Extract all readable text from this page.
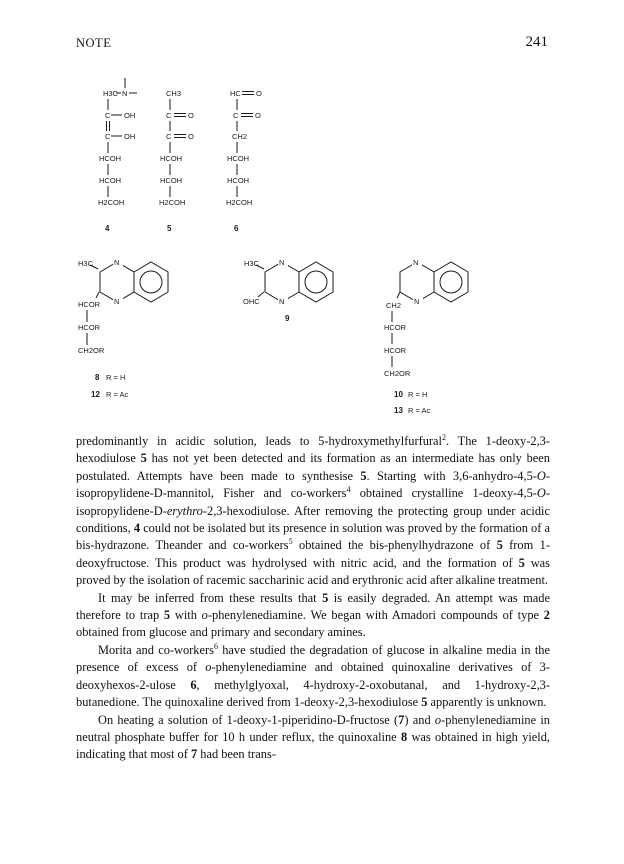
NOTE	241
H3C N
C OH
C OH
HCOH
HCOH
H2COH
4
CH3
C O
C O
HCOH
HCOH
H2COH
5
HC O
C O
CH2
HCOH
HCOH
H2COH
6
H3C	N
N
HCOR
HCOR
CH2OR
8 R = H
12 R = Ac
H3C	N
OHC	N
9
N
N
CH2
HCOR
HCOR
CH2OR
10 R = H
13 R = Ac

predominantly in acidic solution, leads to 5-hydroxymethylfurfural$^2$. The 1-deoxy-2,3-hexodiulose 5 has not yet been detected and its formation as an intermediate has only been postulated. Attempts have been made to synthesise 5. Starting with 3,6-anhydro-4,5-O-isopropylidene-D-mannitol, Fisher and co-workers$^4$ obtained crystalline 1-deoxy-4,5-O-isopropylidene-D-erythro-2,3-hexodiulose. After removing the protecting group under acidic conditions, 4 could not be isolated but its presence in solution was proved by the formation of a bis-hydrazone. Theander and co-workers$^5$ obtained the bis-phenylhydrazone of 5 from 1-deoxyfructose. This product was hydrolysed with nitric acid, and the formation of 5 was proved by the isolation of racemic saccharinic acid and erythronic acid after alkaline treatment.

It may be inferred from these results that 5 is easily degraded. An attempt was made therefore to trap 5 with o-phenylenediamine. We began with Amadori compounds of type 2 obtained from glucose and primary and secondary amines.

Morita and co-workers$^6$ have studied the degradation of glucose in alkaline media in the presence of excess of o-phenylenediamine and obtained quinoxaline derivatives of 3-deoxyhexos-2-ulose 6, methylglyoxal, 4-hydroxy-2-oxobutanal, and 1-hydroxy-2,3-butanedione. The quinoxaline derived from 1-deoxy-2,3-hexodiulose 5 apparently is unknown.

On heating a solution of 1-deoxy-1-piperidino-D-fructose (7) and o-phenylenediamine in neutral phosphate buffer for 10 h under reflux, the quinoxaline 8 was obtained in high yield, indicating that most of 7 had been trans-
